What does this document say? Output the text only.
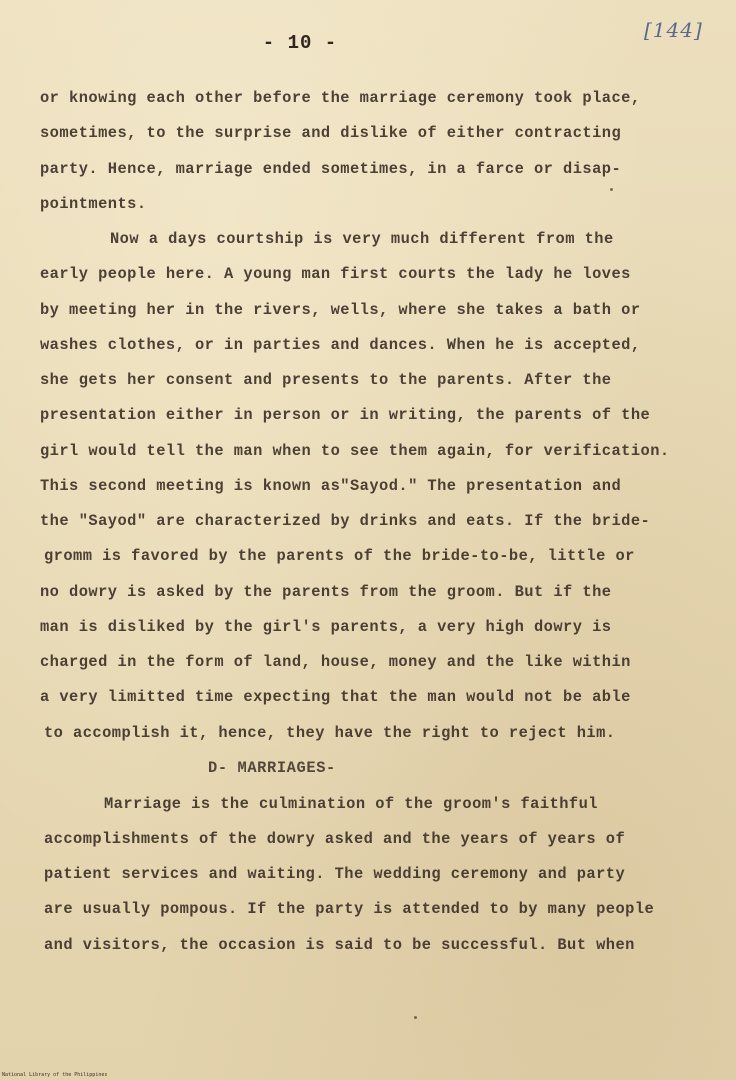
- 10 -
[144]
or knowing each other before the marriage ceremony took place,
sometimes, to the surprise and dislike of either contracting
party. Hence, marriage ended sometimes, in a farce or disap-
pointments.
Now a days courtship is very much different from the
early people here. A young man first courts the lady he loves
by meeting her in the rivers, wells, where she takes a bath or
washes clothes, or in parties and dances. When he is accepted,
she gets her consent and presents to the parents. After the
presentation either in person or in writing, the parents of the
girl would tell the man when to see them again, for verification.
This second meeting is known as"Sayod." The presentation and
the "Sayod" are characterized by drinks and eats. If the bride-
gromm is favored by the parents of the bride-to-be, little or
no dowry is asked by the parents from the groom. But if the
man is disliked by the girl's parents, a very high dowry is
charged in the form of land, house, money and the like within
a very limitted time expecting that the man would not be able
to accomplish it, hence, they have the right to reject him.
D- MARRIAGES-
Marriage is the culmination of the groom's faithful
accomplishments of the dowry asked and the years of years of
patient services and waiting. The wedding ceremony and party
are usually pompous. If the party is attended to by many people
and visitors, the occasion is said to be successful. But when
National Library of the Philippines
